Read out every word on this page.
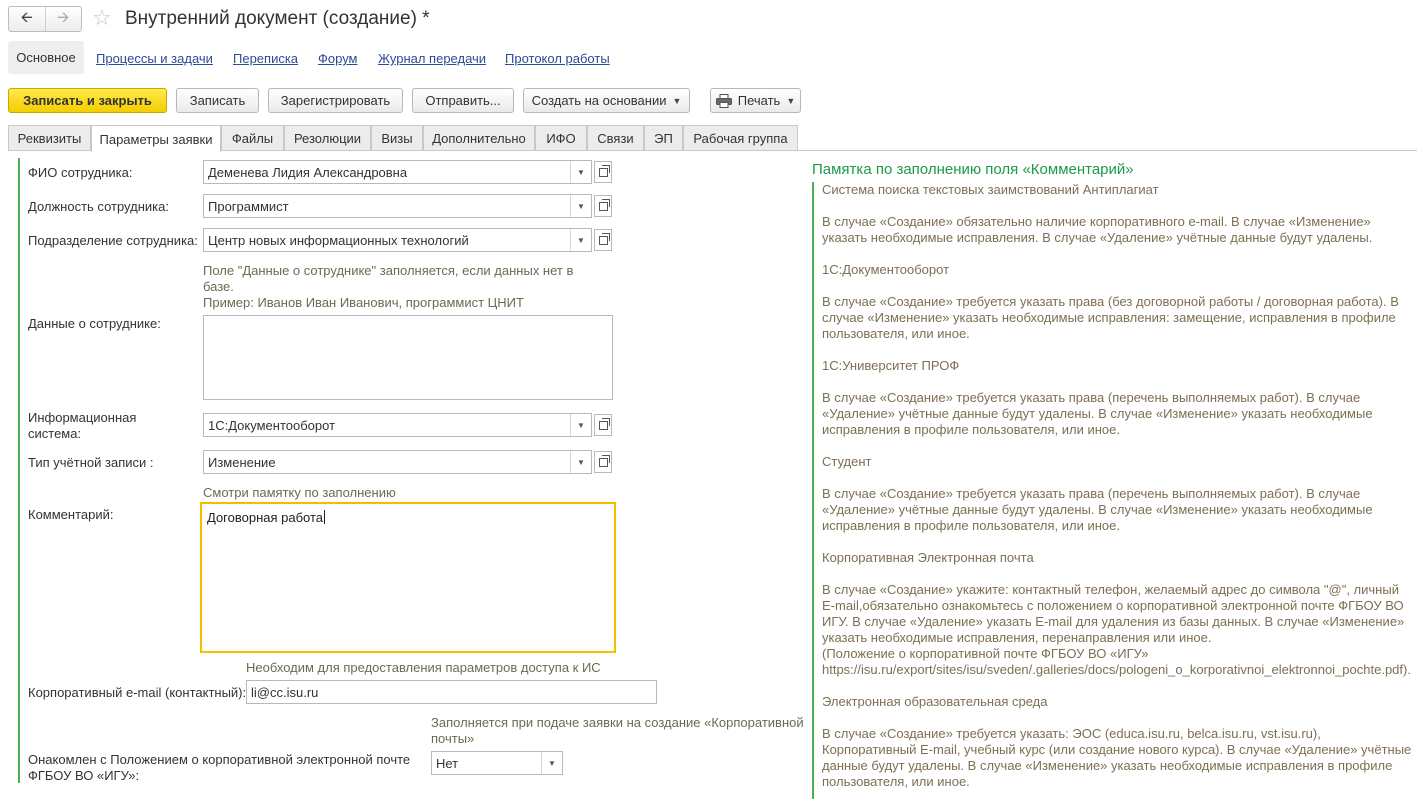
🡨	🡪	☆ Внутренний документ (создание) *
Основное	Процессы и задачи Переписка Форум Журнал передачи Протокол работы
Записать и закрыть	Записать	Зарегистрировать	Отправить...	Создать на основании ▼	Печать ▼
Реквизиты	Параметры заявки	Файлы	Резолюции	Визы	Дополнительно	ИФО	Связи	ЭП	Рабочая группа
ФИО сотрудника:	Деменева Лидия Александровна	▼
Должность сотрудника:	Программист	▼
Подразделение сотрудника: Центр новых информационных технологий	▼
Поле "Данные о сотруднике" заполняется, если данных нет в
базе.
Пример: Иванов Иван Иванович, программист ЦНИТ
Данные о сотруднике:
Информационная
система:
1С:Документооборот	▼
Тип учётной записи :	Изменение	▼
Смотри памятку по заполнению
Комментарий:	Договорная работа
Необходим для предоставления параметров доступа к ИС
Корпоративный e-mail (контактный): li@cc.isu.ru
Заполняется при подаче заявки на создание «Корпоративной
почты»
Онакомлен с Положением о корпоративной электронной почте
ФГБОУ ВО «ИГУ»:
Нет	▼
Памятка по заполнению поля «Комментарий»

Система поиска текстовых заимствований Антиплагиат

В случае «Создание» обязательно наличие корпоративного e-mail. В случае «Изменение» указать необходимые исправления. В случае «Удаление» учётные данные будут удалены.

1С:Документооборот

В случае «Создание» требуется указать права (без договорной работы / договорная работа). В случае «Изменение» указать необходимые исправления: замещение, исправления в профиле пользователя, или иное.

1С:Университет ПРОФ

В случае «Создание» требуется указать права (перечень выполняемых работ). В случае «Удаление» учётные данные будут удалены. В случае «Изменение» указать необходимые исправления в профиле пользователя, или иное.

Студент

В случае «Создание» требуется указать права (перечень выполняемых работ). В случае «Удаление» учётные данные будут удалены. В случае «Изменение» указать необходимые исправления в профиле пользователя, или иное.

Корпоративная Электронная почта

В случае «Создание» укажите: контактный телефон, желаемый адрес до символа "@", личный E-mail,обязательно ознакомьтесь с положением о корпоративной электронной почте ФГБОУ ВО ИГУ. В случае «Удаление» указать E-mail для удаления из базы данных. В случае «Изменение» указать необходимые исправления, перенаправления или иное.
(Положение о корпоративной почте ФГБОУ ВО «ИГУ»
https://isu.ru/export/sites/isu/sveden/.galleries/docs/pologeni_o_korporativnoi_elektronnoi_pochte.pdf).

Электронная образовательная среда

В случае «Создание» требуется указать: ЭОС (educa.isu.ru, belca.isu.ru, vst.isu.ru), Корпоративный E-mail, учебный курс (или создание нового курса). В случае «Удаление» учётные данные будут удалены. В случае «Изменение» указать необходимые исправления в профиле пользователя, или иное.
